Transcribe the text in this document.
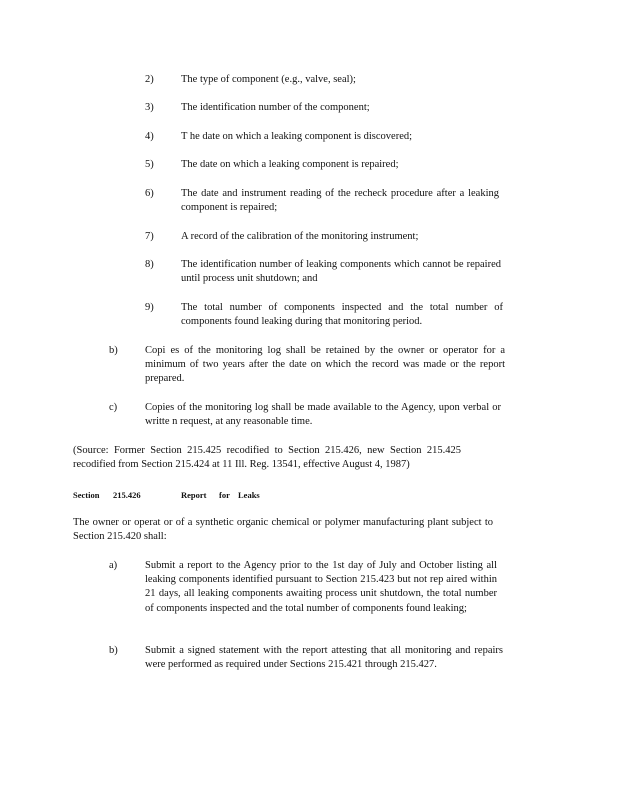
2)	The type of component (e.g., valve, seal);

3)	The identification number of the component;

4)	T he date on which a leaking component is discovered;

5)	The date on which a leaking component is repaired;

6)	The date and instrument reading of the recheck procedure after a leaking component is repaired;

7)	A record of the calibration of the monitoring instrument;

8)	The identification number of leaking components which cannot be repaired until process unit shutdown; and

9)	The total number of components inspected and the total number of components found leaking during that monitoring period.

b)	Copi es of the monitoring log shall be retained by the owner or operator for a minimum of two years after the date on which the record was made or the report prepared.

c)	Copies of the monitoring log shall be made available to the Agency, upon verbal or writte n request, at any reasonable time.

(Source: Former Section 215.425 recodified to Section 215.426, new Section 215.425 recodified from Section 215.424 at 11 Ill. Reg. 13541, effective August 4, 1987)

Section 215.426	Report for Leaks

The owner or operat or of a synthetic organic chemical or polymer manufacturing plant subject to Section 215.420 shall:

a)	Submit a report to the Agency prior to the 1st day of July and October listing all leaking components identified pursuant to Section 215.423 but not rep aired within 21 days, all leaking components awaiting process unit shutdown, the total number of components inspected and the total number of components found leaking;

b)	Submit a signed statement with the report attesting that all monitoring and repairs were performed as required under Sections 215.421 through 215.427.
